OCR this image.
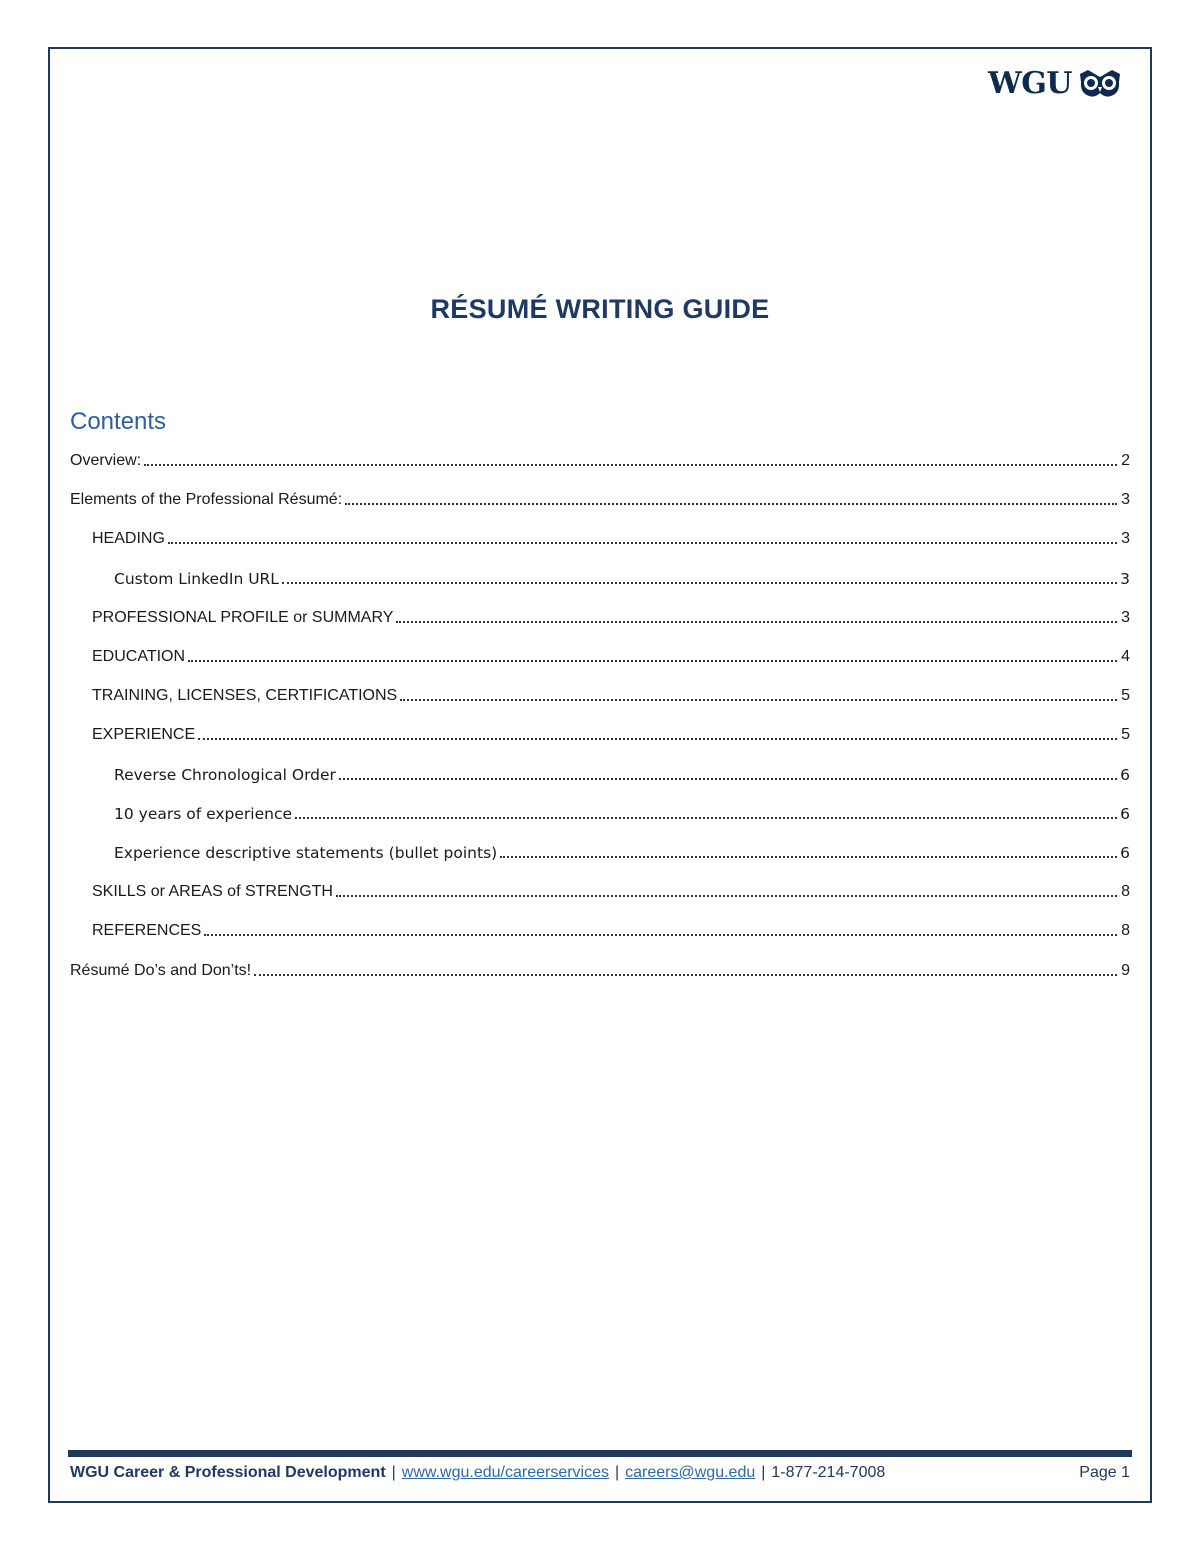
WGU
RÉSUMÉ WRITING GUIDE
Contents
Overview:	2
Elements of the Professional Résumé:	3
HEADING	3
Custom LinkedIn URL	3
PROFESSIONAL PROFILE or SUMMARY	3
EDUCATION	4
TRAINING, LICENSES, CERTIFICATIONS	5
EXPERIENCE	5
Reverse Chronological Order	6
10 years of experience	6
Experience descriptive statements (bullet points)	6
SKILLS or AREAS of STRENGTH	8
REFERENCES	8
Résumé Do’s and Don’ts!	9
WGU Career & Professional Development | www.wgu.edu/careerservices | careers@wgu.edu | 1-877-214-7008	Page 1
